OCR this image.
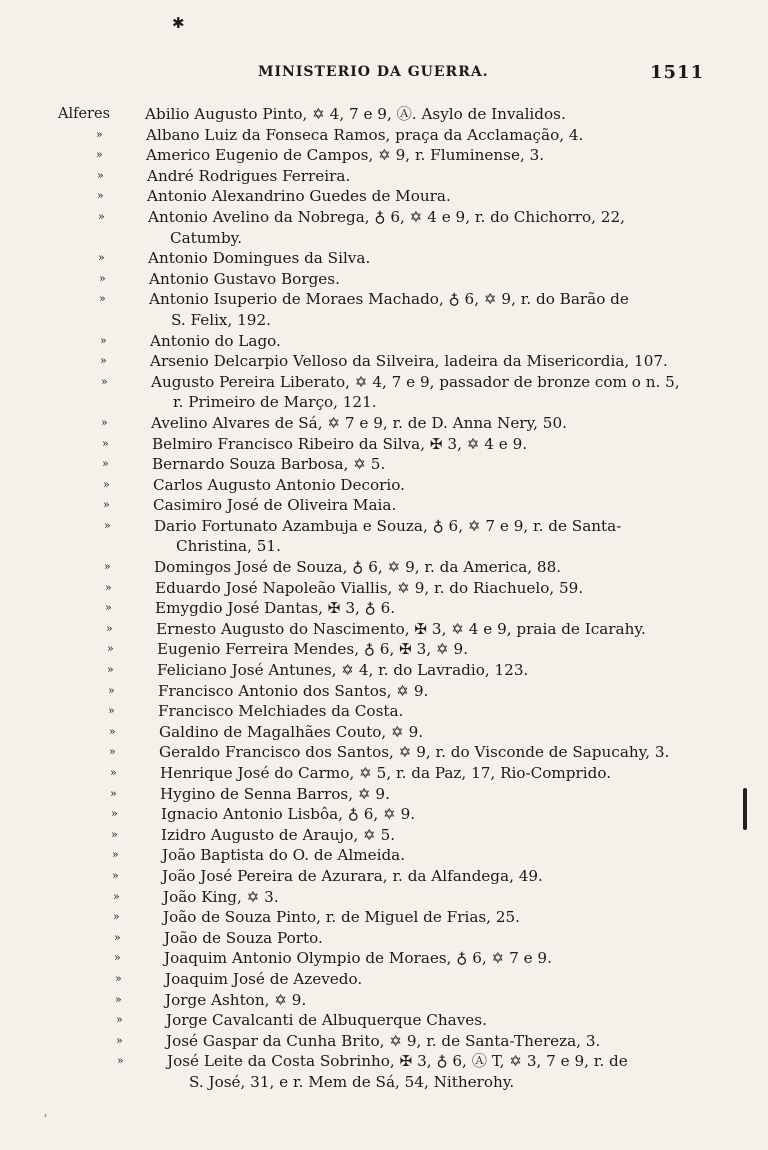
✱
MINISTERIO DA GUERRA.	1511
Alferes Abilio Augusto Pinto, ✡ 4, 7 e 9, Ⓐ. Asylo de Invalidos.
»	Albano Luiz da Fonseca Ramos, praça da Acclamação, 4.
»	Americo Eugenio de Campos, ✡ 9, r. Fluminense, 3.
»	André Rodrigues Ferreira.
»	Antonio Alexandrino Guedes de Moura.
»	Antonio Avelino da Nobrega, ♁ 6, ✡ 4 e 9, r. do Chichorro, 22,
Catumby.
»	Antonio Domingues da Silva.
»	Antonio Gustavo Borges.
»	Antonio Isuperio de Moraes Machado, ♁ 6, ✡ 9, r. do Barão de
S. Felix, 192.
»	Antonio do Lago.
»	Arsenio Delcarpio Velloso da Silveira, ladeira da Misericordia, 107.
»	Augusto Pereira Liberato, ✡ 4, 7 e 9, passador de bronze com o n. 5,
r. Primeiro de Março, 121.
»	Avelino Alvares de Sá, ✡ 7 e 9, r. de D. Anna Nery, 50.
»	Belmiro Francisco Ribeiro da Silva, ✠ 3, ✡ 4 e 9.
»	Bernardo Souza Barbosa, ✡ 5.
»	Carlos Augusto Antonio Decorio.
»	Casimiro José de Oliveira Maia.
»	Dario Fortunato Azambuja e Souza, ♁ 6, ✡ 7 e 9, r. de Santa-
Christina, 51.
»	Domingos José de Souza, ♁ 6, ✡ 9, r. da America, 88.
»	Eduardo José Napoleão Viallis, ✡ 9, r. do Riachuelo, 59.
»	Emygdio José Dantas, ✠ 3, ♁ 6.
»	Ernesto Augusto do Nascimento, ✠ 3, ✡ 4 e 9, praia de Icarahy.
»	Eugenio Ferreira Mendes, ♁ 6, ✠ 3, ✡ 9.
»	Feliciano José Antunes, ✡ 4, r. do Lavradio, 123.
»	Francisco Antonio dos Santos, ✡ 9.
»	Francisco Melchiades da Costa.
»	Galdino de Magalhães Couto, ✡ 9.
»	Geraldo Francisco dos Santos, ✡ 9, r. do Visconde de Sapucahy, 3.
»	Henrique José do Carmo, ✡ 5, r. da Paz, 17, Rio-Comprido.
»	Hygino de Senna Barros, ✡ 9.
»	Ignacio Antonio Lisbôa, ♁ 6, ✡ 9.
»	Izidro Augusto de Araujo, ✡ 5.
»	João Baptista do O. de Almeida.
»	João José Pereira de Azurara, r. da Alfandega, 49.
»	João King, ✡ 3.
»	João de Souza Pinto, r. de Miguel de Frias, 25.
»	João de Souza Porto.
»	Joaquim Antonio Olympio de Moraes, ♁ 6, ✡ 7 e 9.
»	Joaquim José de Azevedo.
»	Jorge Ashton, ✡ 9.
»	Jorge Cavalcanti de Albuquerque Chaves.
»	José Gaspar da Cunha Brito, ✡ 9, r. de Santa-Thereza, 3.
»	José Leite da Costa Sobrinho, ✠ 3, ♁ 6, Ⓐ T, ✡ 3, 7 e 9, r. de
S. José, 31, e r. Mem de Sá, 54, Nitherohy.
ʿ
